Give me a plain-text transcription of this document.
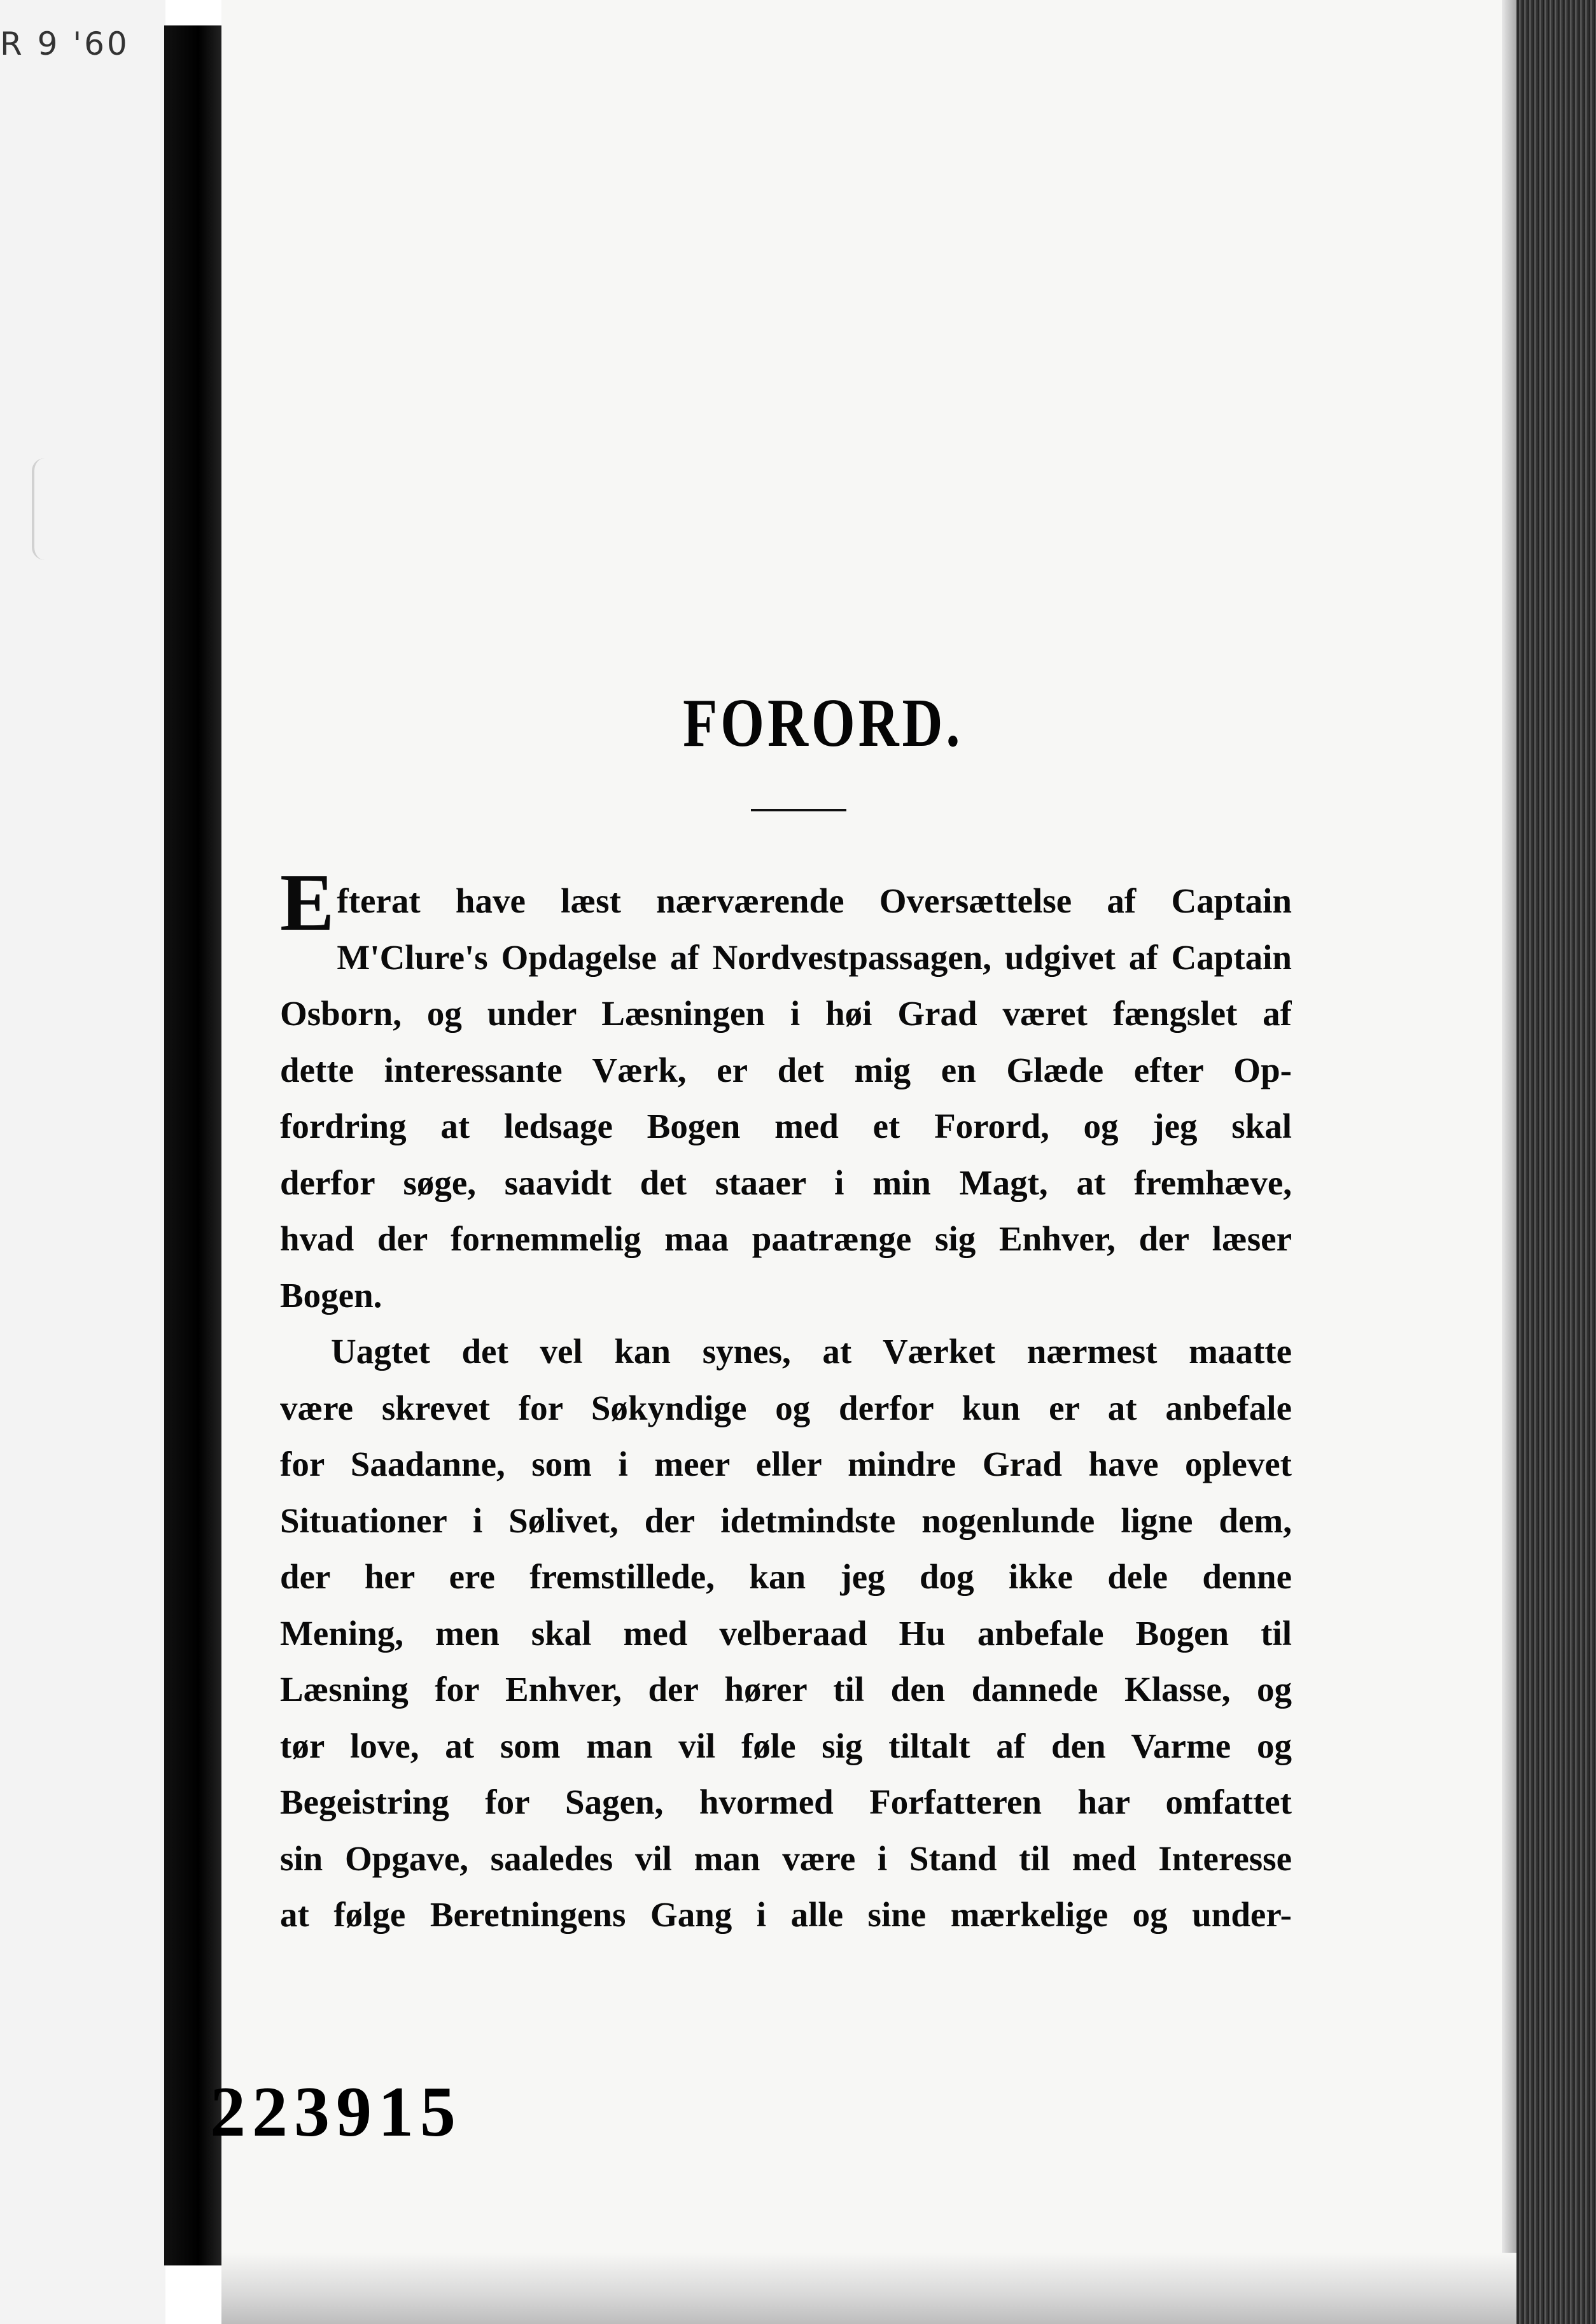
R 9 '60
FORORD.
E fterat have læst nærværende Oversættelse af Captain
M'Clure's Opdagelse af Nordvestpassagen, udgivet af Captain
Osborn, og under Læsningen i høi Grad været fængslet af
dette interessante Værk, er det mig en Glæde efter Op-
fordring at ledsage Bogen med et Forord, og jeg skal
derfor søge, saavidt det staaer i min Magt, at fremhæve,
hvad der fornemmelig maa paatrænge sig Enhver, der læser
Bogen.
Uagtet det vel kan synes, at Værket nærmest maatte
være skrevet for Søkyndige og derfor kun er at anbefale
for Saadanne, som i meer eller mindre Grad have oplevet
Situationer i Sølivet, der idetmindste nogenlunde ligne dem,
der her ere fremstillede, kan jeg dog ikke dele denne
Mening, men skal med velberaad Hu anbefale Bogen til
Læsning for Enhver, der hører til den dannede Klasse, og
tør love, at som man vil føle sig tiltalt af den Varme og
Begeistring for Sagen, hvormed Forfatteren har omfattet
sin Opgave, saaledes vil man være i Stand til med Interesse
at følge Beretningens Gang i alle sine mærkelige og under-
223915
